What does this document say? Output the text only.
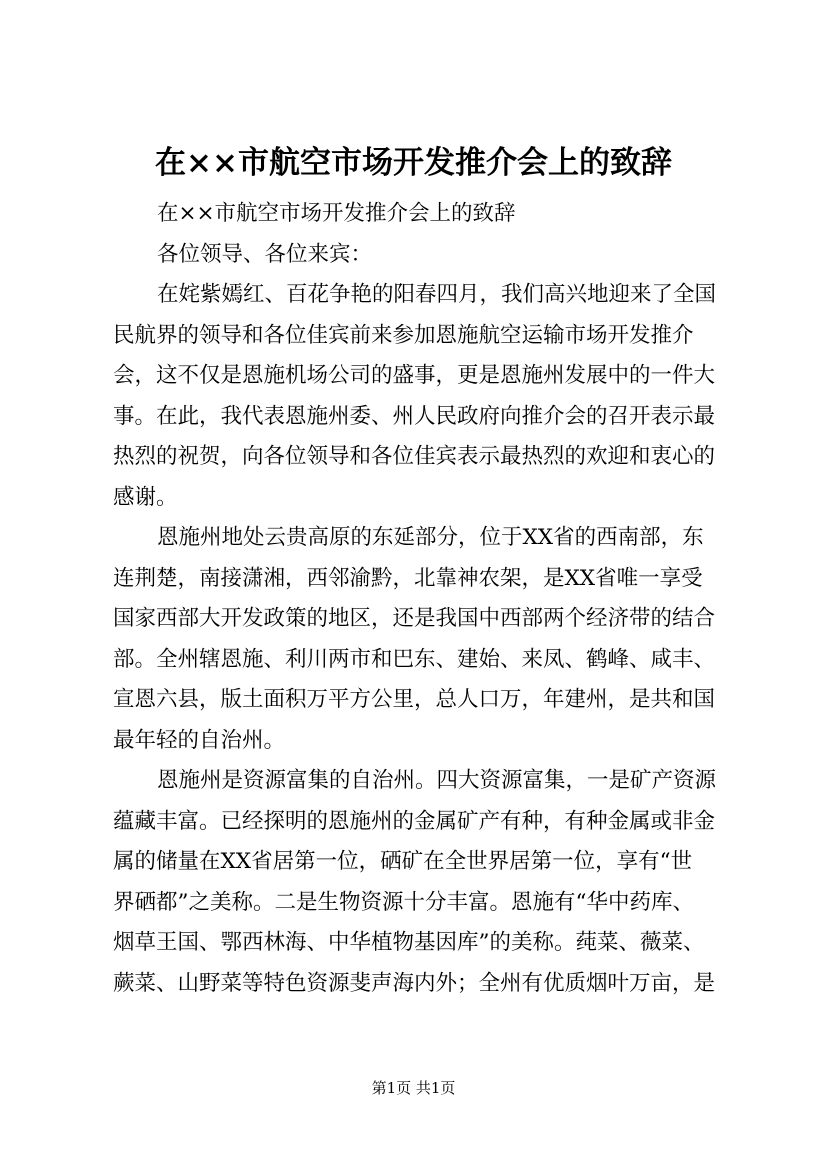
在××市航空市场开发推介会上的致辞
在××市航空市场开发推介会上的致辞
各位领导、各位来宾：
在姹紫嫣红、百花争艳的阳春四月，我们高兴地迎来了全国
民航界的领导和各位佳宾前来参加恩施航空运输市场开发推介
会，这不仅是恩施机场公司的盛事，更是恩施州发展中的一件大
事。在此，我代表恩施州委、州人民政府向推介会的召开表示最
热烈的祝贺，向各位领导和各位佳宾表示最热烈的欢迎和衷心的
感谢。
恩施州地处云贵高原的东延部分，位于XX省的西南部，东
连荆楚，南接潇湘，西邻渝黔，北靠神农架，是XX省唯一享受
国家西部大开发政策的地区，还是我国中西部两个经济带的结合
部。全州辖恩施、利川两市和巴东、建始、来凤、鹤峰、咸丰、
宣恩六县，版土面积万平方公里，总人口万，年建州，是共和国
最年轻的自治州。
恩施州是资源富集的自治州。四大资源富集，一是矿产资源
蕴藏丰富。已经探明的恩施州的金属矿产有种，有种金属或非金
属的储量在XX省居第一位，硒矿在全世界居第一位，享有“世
界硒都”之美称。二是生物资源十分丰富。恩施有“华中药库、
烟草王国、鄂西林海、中华植物基因库”的美称。莼菜、薇菜、
蕨菜、山野菜等特色资源斐声海内外；全州有优质烟叶万亩，是
第1页 共1页
